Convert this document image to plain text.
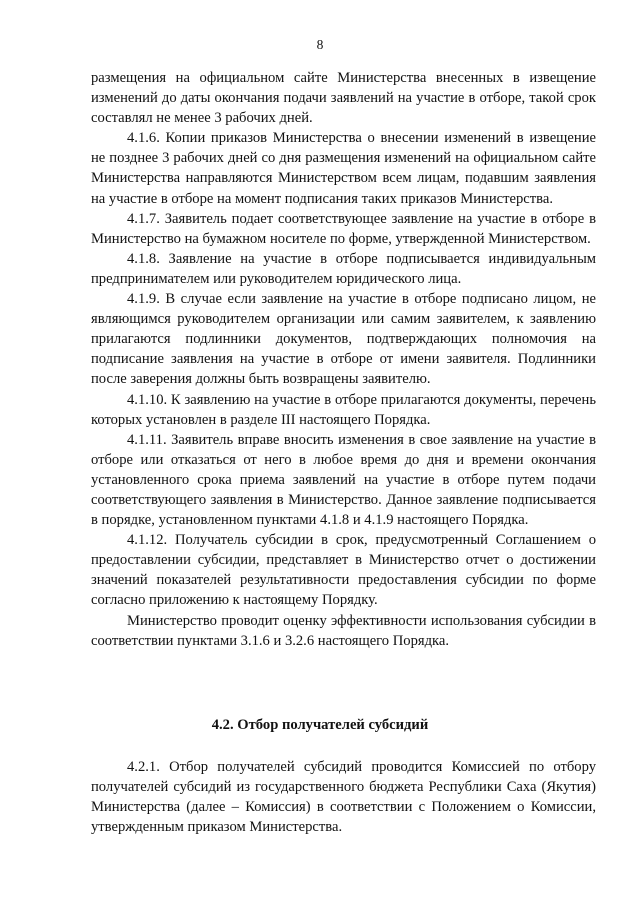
8

размещения на официальном сайте Министерства внесенных в извещение изменений до даты окончания подачи заявлений на участие в отборе, такой срок составлял не менее 3 рабочих дней.

4.1.6. Копии приказов Министерства о внесении изменений в извещение не позднее 3 рабочих дней со дня размещения изменений на официальном сайте Министерства направляются Министерством всем лицам, подавшим заявления на участие в отборе на момент подписания таких приказов Министерства.

4.1.7. Заявитель подает соответствующее заявление на участие в отборе в Министерство на бумажном носителе по форме, утвержденной Министерством.

4.1.8. Заявление на участие в отборе подписывается индивидуальным предпринимателем или руководителем юридического лица.

4.1.9. В случае если заявление на участие в отборе подписано лицом, не являющимся руководителем организации или самим заявителем, к заявлению прилагаются подлинники документов, подтверждающих полномочия на подписание заявления на участие в отборе от имени заявителя. Подлинники после заверения должны быть возвращены заявителю.

4.1.10. К заявлению на участие в отборе прилагаются документы, перечень которых установлен в разделе III настоящего Порядка.

4.1.11. Заявитель вправе вносить изменения в свое заявление на участие в отборе или отказаться от него в любое время до дня и времени окончания установленного срока приема заявлений на участие в отборе путем подачи соответствующего заявления в Министерство. Данное заявление подписывается в порядке, установленном пунктами 4.1.8 и 4.1.9 настоящего Порядка.

4.1.12. Получатель субсидии в срок, предусмотренный Соглашением о предоставлении субсидии, представляет в Министерство отчет о достижении значений показателей результативности предоставления субсидии по форме согласно приложению к настоящему Порядку.

Министерство проводит оценку эффективности использования субсидии в соответствии пунктами 3.1.6 и 3.2.6 настоящего Порядка.

4.2. Отбор получателей субсидий

4.2.1. Отбор получателей субсидий проводится Комиссией по отбору получателей субсидий из государственного бюджета Республики Саха (Якутия) Министерства (далее – Комиссия) в соответствии с Положением о Комиссии, утвержденным приказом Министерства.
